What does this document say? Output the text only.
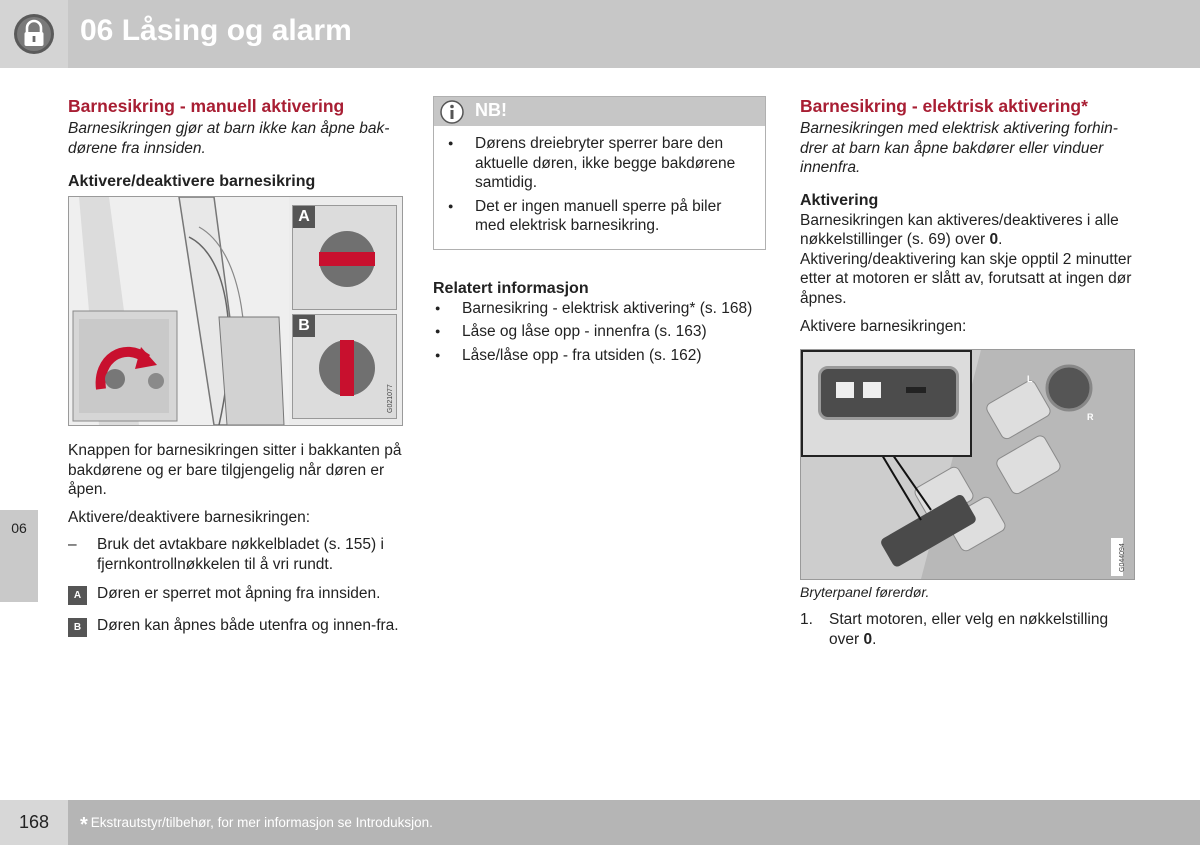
06 Låsing og alarm
06
Barnesikring - manuell aktivering

Barnesikringen gjør at barn ikke kan åpne bak-dørene fra innsiden.

Aktivere/deaktivere barnesikring
A
B
G021077

Knappen for barnesikringen sitter i bakkanten på bakdørene og er bare tilgjengelig når døren er åpen.

Aktivere/deaktivere barnesikringen:

– Bruk det avtakbare nøkkelbladet (s. 155) i fjernkontrollnøkkelen til å vri rundt.
A	Døren er sperret mot åpning fra innsiden.
B	Døren kan åpnes både utenfra og innen-fra.
NB!
● Dørens dreiebryter sperrer bare den aktuelle døren, ikke begge bakdørene samtidig.
● Det er ingen manuell sperre på biler med elektrisk barnesikring.
Relatert informasjon
● Barnesikring - elektrisk aktivering* (s. 168)
● Låse og låse opp - innenfra (s. 163)
● Låse/låse opp - fra utsiden (s. 162)
Barnesikring - elektrisk aktivering*

Barnesikringen med elektrisk aktivering forhin-drer at barn kan åpne bakdører eller vinduer innenfra.

Aktivering

Barnesikringen kan aktiveres/deaktiveres i alle nøkkelstillinger (s. 69) over 0. Aktivering/deaktivering kan skje opptil 2 minutter etter at motoren er slått av, forutsatt at ingen dør åpnes.

Aktivere barnesikringen:

L
R
G044094

Bryterpanel førerdør.

1. Start motoren, eller velg en nøkkelstilling over 0.
168	* Ekstrautstyr/tilbehør, for mer informasjon se Introduksjon.
